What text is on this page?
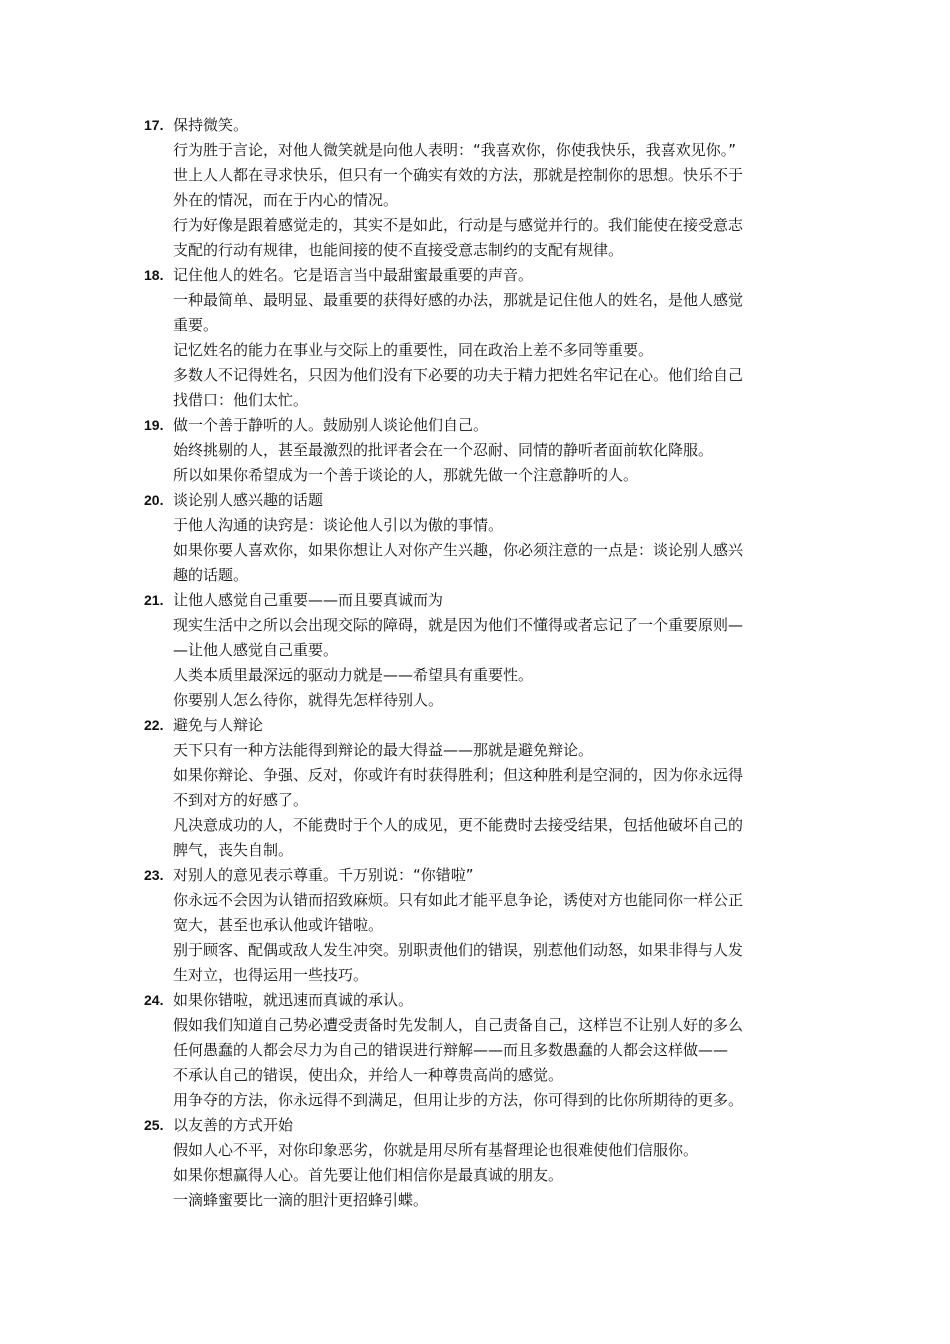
17. 保持微笑。
行为胜于言论，对他人微笑就是向他人表明：“我喜欢你，你使我快乐，我喜欢见你。”
世上人人都在寻求快乐，但只有一个确实有效的方法，那就是控制你的思想。快乐不于
外在的情况，而在于内心的情况。
行为好像是跟着感觉走的，其实不是如此，行动是与感觉并行的。我们能使在接受意志
支配的行动有规律，也能间接的使不直接受意志制约的支配有规律。
18. 记住他人的姓名。它是语言当中最甜蜜最重要的声音。
一种最简单、最明显、最重要的获得好感的办法，那就是记住他人的姓名，是他人感觉
重要。
记忆姓名的能力在事业与交际上的重要性，同在政治上差不多同等重要。
多数人不记得姓名，只因为他们没有下必要的功夫于精力把姓名牢记在心。他们给自己
找借口：他们太忙。
19. 做一个善于静听的人。鼓励别人谈论他们自己。
始终挑剔的人，甚至最激烈的批评者会在一个忍耐、同情的静听者面前软化降服。
所以如果你希望成为一个善于谈论的人，那就先做一个注意静听的人。
20. 谈论别人感兴趣的话题
于他人沟通的诀窍是：谈论他人引以为傲的事情。
如果你要人喜欢你，如果你想让人对你产生兴趣，你必须注意的一点是：谈论别人感兴
趣的话题。
21. 让他人感觉自己重要——而且要真诚而为
现实生活中之所以会出现交际的障碍，就是因为他们不懂得或者忘记了一个重要原则—
—让他人感觉自己重要。
人类本质里最深远的驱动力就是——希望具有重要性。
你要别人怎么待你，就得先怎样待别人。
22. 避免与人辩论
天下只有一种方法能得到辩论的最大得益——那就是避免辩论。
如果你辩论、争强、反对，你或许有时获得胜利；但这种胜利是空洞的，因为你永远得
不到对方的好感了。
凡决意成功的人，不能费时于个人的成见，更不能费时去接受结果，包括他破坏自己的
脾气，丧失自制。
23. 对别人的意见表示尊重。千万别说：“你错啦”
你永远不会因为认错而招致麻烦。只有如此才能平息争论，诱使对方也能同你一样公正
宽大，甚至也承认他或许错啦。
别于顾客、配偶或敌人发生冲突。别职责他们的错误，别惹他们动怒，如果非得与人发
生对立，也得运用一些技巧。
24. 如果你错啦，就迅速而真诚的承认。
假如我们知道自己势必遭受责备时先发制人，自己责备自己，这样岂不让别人好的多么
任何愚蠢的人都会尽力为自己的错误进行辩解——而且多数愚蠢的人都会这样做——
不承认自己的错误，使出众，并给人一种尊贵高尚的感觉。
用争夺的方法，你永远得不到满足，但用让步的方法，你可得到的比你所期待的更多。
25. 以友善的方式开始
假如人心不平，对你印象恶劣，你就是用尽所有基督理论也很难使他们信服你。
如果你想赢得人心。首先要让他们相信你是最真诚的朋友。
一滴蜂蜜要比一滴的胆汁更招蜂引蝶。
